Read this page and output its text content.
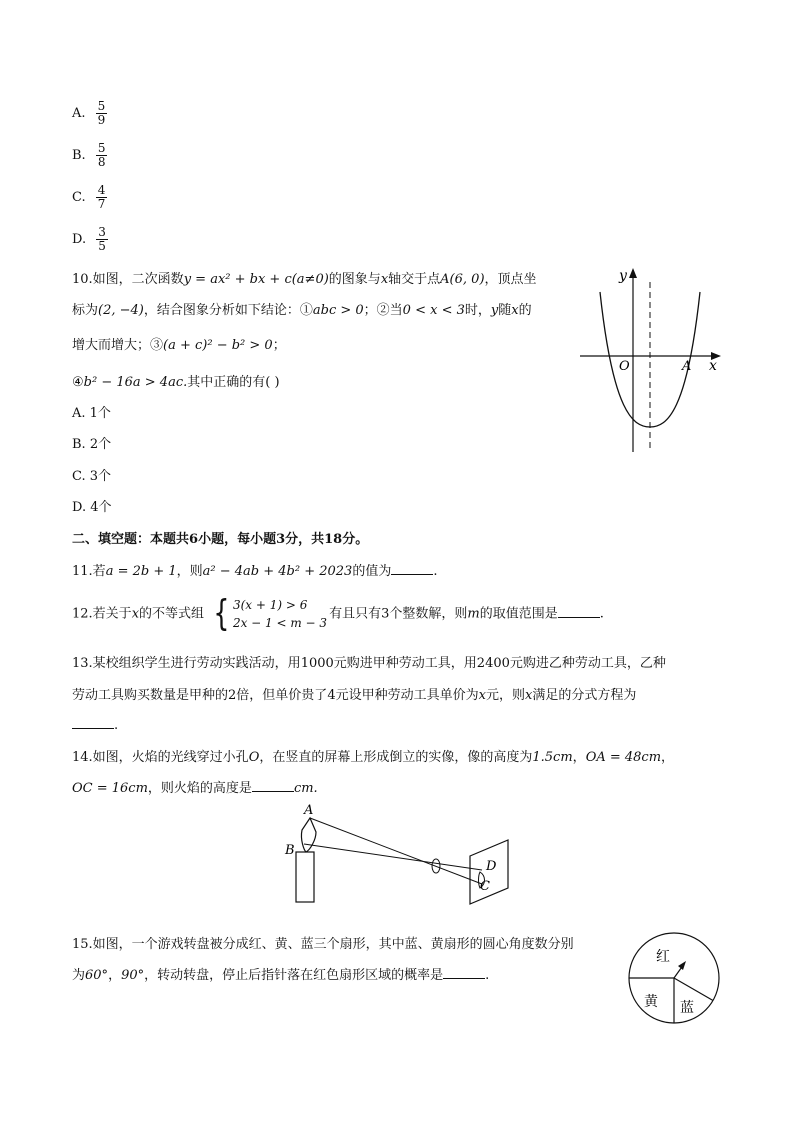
A. $\frac{5}{9}$
B. $\frac{5}{8}$
C. $\frac{4}{7}$
D. $\frac{3}{5}$
10.如图，二次函数y = ax² + bx + c(a≠0)的图象与x轴交于点A(6, 0)，顶点坐
标为(2, −4)，结合图象分析如下结论：①abc > 0；②当0 < x < 3时，y随x的
增大而增大；③(a + c)² − b² > 0；
④b² − 16a > 4ac.其中正确的有( )
A. 1个
B. 2个
C. 3个
D. 4个
y
x
O	A
二、填空题：本题共6小题，每小题3分，共18分。
11.若a = 2b + 1，则a² − 4ab + 4b² + 2023的值为	.
12.若关于x的不等式组 { 3(x + 1) > 6
2x − 1 < m − 3
有且只有3个整数解，则m的取值范围是	.
13.某校组织学生进行劳动实践活动，用1000元购进甲种劳动工具，用2400元购进乙种劳动工具，乙种
劳动工具购买数量是甲种的2倍，但单价贵了4元设甲种劳动工具单价为x元，则x满足的分式方程为
.
14.如图，火焰的光线穿过小孔O，在竖直的屏幕上形成倒立的实像，像的高度为1.5cm，OA = 48cm，
OC = 16cm，则火焰的高度是	cm.
A
B
D
C
15.如图，一个游戏转盘被分成红、黄、蓝三个扇形，其中蓝、黄扇形的圆心角度数分别
为60°，90°，转动转盘，停止后指针落在红色扇形区域的概率是	.
红
黄 蓝
